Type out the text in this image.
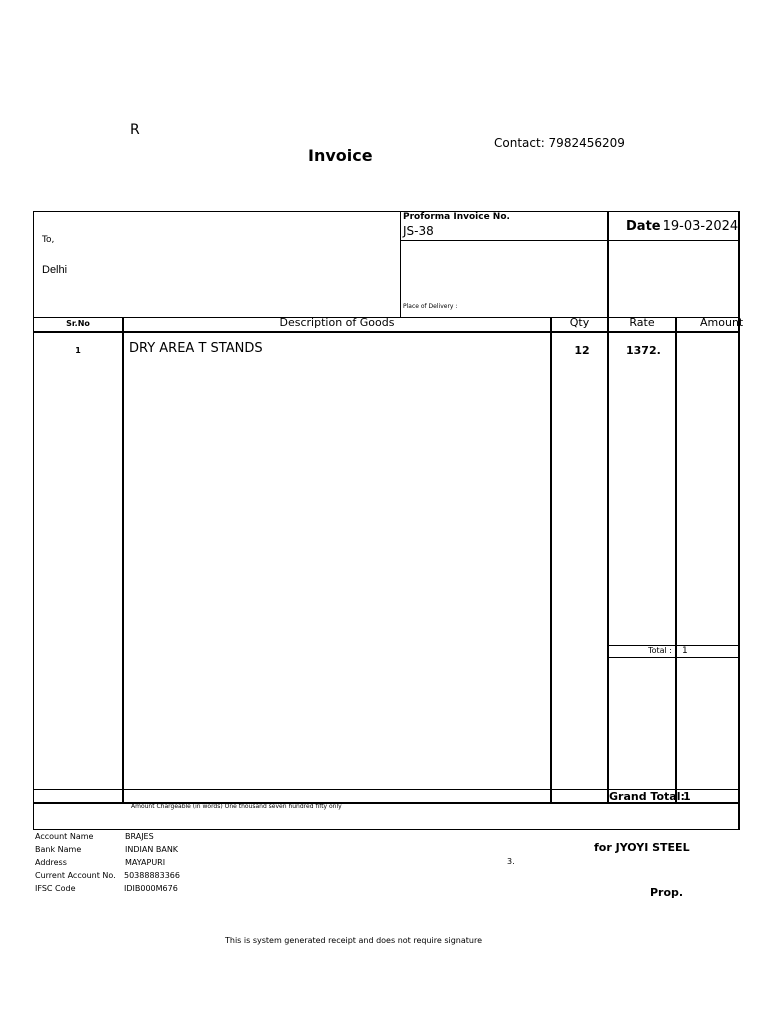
R
Invoice
Contact: 7982456209
To,
Delhi
Proforma Invoice No.
JS-38	Date 19-03-2024
Place of Delivery :
Sr.No	Description of Goods	Qty	Rate	Amount
1	DRY AREA T STANDS	12	1372.
Total : 1
Grand Total:
1
Amount Chargeable (in words) One thousand seven hundred fifty only
Account Name	BRAJES
Bank Name	INDIAN BANK
Address	MAYAPURI
Current Account No. 50388883366
IFSC Code	IDIB000M676
3.
for JYOYI STEEL
Prop.
This is system generated receipt and does not require signature
